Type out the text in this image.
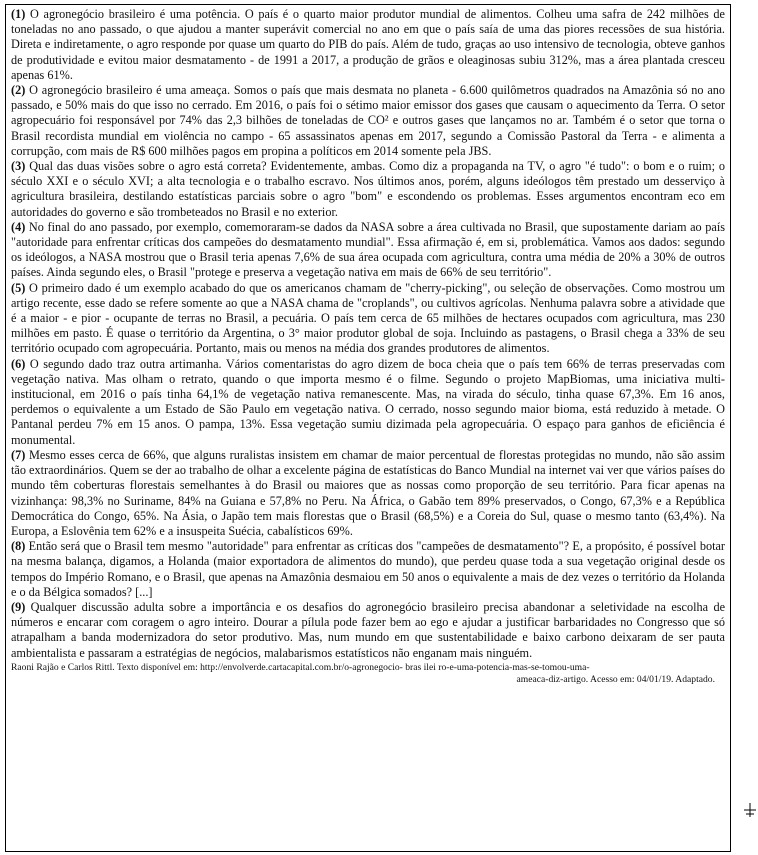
(1) O agronegócio brasileiro é uma potência. O país é o quarto maior produtor mundial de alimentos. Colheu uma safra de 242 milhões de toneladas no ano passado, o que ajudou a manter superávit comercial no ano em que o país saía de uma das piores recessões de sua história. Direta e indiretamente, o agro responde por quase um quarto do PIB do país. Além de tudo, graças ao uso intensivo de tecnologia, obteve ganhos de produtividade e evitou maior desmatamento - de 1991 a 2017, a produção de grãos e oleaginosas subiu 312%, mas a área plantada cresceu apenas 61%.

(2) O agronegócio brasileiro é uma ameaça. Somos o país que mais desmata no planeta - 6.600 quilômetros quadrados na Amazônia só no ano passado, e 50% mais do que isso no cerrado. Em 2016, o país foi o sétimo maior emissor dos gases que causam o aquecimento da Terra. O setor agropecuário foi responsável por 74% das 2,3 bilhões de toneladas de CO² e outros gases que lançamos no ar. Também é o setor que torna o Brasil recordista mundial em violência no campo - 65 assassinatos apenas em 2017, segundo a Comissão Pastoral da Terra - e alimenta a corrupção, com mais de R$ 600 milhões pagos em propina a políticos em 2014 somente pela JBS.

(3) Qual das duas visões sobre o agro está correta? Evidentemente, ambas. Como diz a propaganda na TV, o agro "é tudo": o bom e o ruim; o século XXI e o século XVI; a alta tecnologia e o trabalho escravo. Nos últimos anos, porém, alguns ideólogos têm prestado um desserviço à agricultura brasileira, destilando estatísticas parciais sobre o agro "bom" e escondendo os problemas. Esses argumentos encontram eco em autoridades do governo e são trombeteados no Brasil e no exterior.

(4) No final do ano passado, por exemplo, comemoraram-se dados da NASA sobre a área cultivada no Brasil, que supostamente dariam ao país "autoridade para enfrentar críticas dos campeões do desmatamento mundial". Essa afirmação é, em si, problemática. Vamos aos dados: segundo os ideólogos, a NASA mostrou que o Brasil teria apenas 7,6% de sua área ocupada com agricultura, contra uma média de 20% a 30% de outros países. Ainda segundo eles, o Brasil "protege e preserva a vegetação nativa em mais de 66% de seu território".

(5) O primeiro dado é um exemplo acabado do que os americanos chamam de "cherry-picking", ou seleção de observações. Como mostrou um artigo recente, esse dado se refere somente ao que a NASA chama de "croplands", ou cultivos agrícolas. Nenhuma palavra sobre a atividade que é a maior - e pior - ocupante de terras no Brasil, a pecuária. O país tem cerca de 65 milhões de hectares ocupados com agricultura, mas 230 milhões em pasto. É quase o território da Argentina, o 3° maior produtor global de soja. Incluindo as pastagens, o Brasil chega a 33% de seu território ocupado com agropecuária. Portanto, mais ou menos na média dos grandes produtores de alimentos.

(6) O segundo dado traz outra artimanha. Vários comentaristas do agro dizem de boca cheia que o país tem 66% de terras preservadas com vegetação nativa. Mas olham o retrato, quando o que importa mesmo é o filme. Segundo o projeto MapBiomas, uma iniciativa multi-institucional, em 2016 o país tinha 64,1% de vegetação nativa remanescente. Mas, na virada do século, tinha quase 67,3%. Em 16 anos, perdemos o equivalente a um Estado de São Paulo em vegetação nativa. O cerrado, nosso segundo maior bioma, está reduzido à metade. O Pantanal perdeu 7% em 15 anos. O pampa, 13%. Essa vegetação sumiu dizimada pela agropecuária. O espaço para ganhos de eficiência é monumental.

(7) Mesmo esses cerca de 66%, que alguns ruralistas insistem em chamar de maior percentual de florestas protegidas no mundo, não são assim tão extraordinários. Quem se der ao trabalho de olhar a excelente página de estatísticas do Banco Mundial na internet vai ver que vários países do mundo têm coberturas florestais semelhantes à do Brasil ou maiores que as nossas como proporção de seu território. Para ficar apenas na vizinhança: 98,3% no Suriname, 84% na Guiana e 57,8% no Peru. Na África, o Gabão tem 89% preservados, o Congo, 67,3% e a República Democrática do Congo, 65%. Na Ásia, o Japão tem mais florestas que o Brasil (68,5%) e a Coreia do Sul, quase o mesmo tanto (63,4%). Na Europa, a Eslovênia tem 62% e a insuspeita Suécia, cabalísticos 69%.

(8) Então será que o Brasil tem mesmo "autoridade" para enfrentar as críticas dos "campeões de desmatamento"? E, a propósito, é possível botar na mesma balança, digamos, a Holanda (maior exportadora de alimentos do mundo), que perdeu quase toda a sua vegetação original desde os tempos do Império Romano, e o Brasil, que apenas na Amazônia desmaiou em 50 anos o equivalente a mais de dez vezes o território da Holanda e o da Bélgica somados? [...]

(9) Qualquer discussão adulta sobre a importância e os desafios do agronegócio brasileiro precisa abandonar a seletividade na escolha de números e encarar com coragem o agro inteiro. Dourar a pílula pode fazer bem ao ego e ajudar a justificar barbaridades no Congresso que só atrapalham a banda modernizadora do setor produtivo. Mas, num mundo em que sustentabilidade e baixo carbono deixaram de ser pauta ambientalista e passaram a estratégias de negócios, malabarismos estatísticos não enganam mais ninguém.

Raoni Rajão e Carlos Rittl. Texto disponível em: http://envolverde.cartacapital.com.br/o-agronegocio- bras ilei ro-e-uma-potencia-mas-se-tomou-uma-
ameaca-diz-artigo. Acesso em: 04/01/19. Adaptado.
